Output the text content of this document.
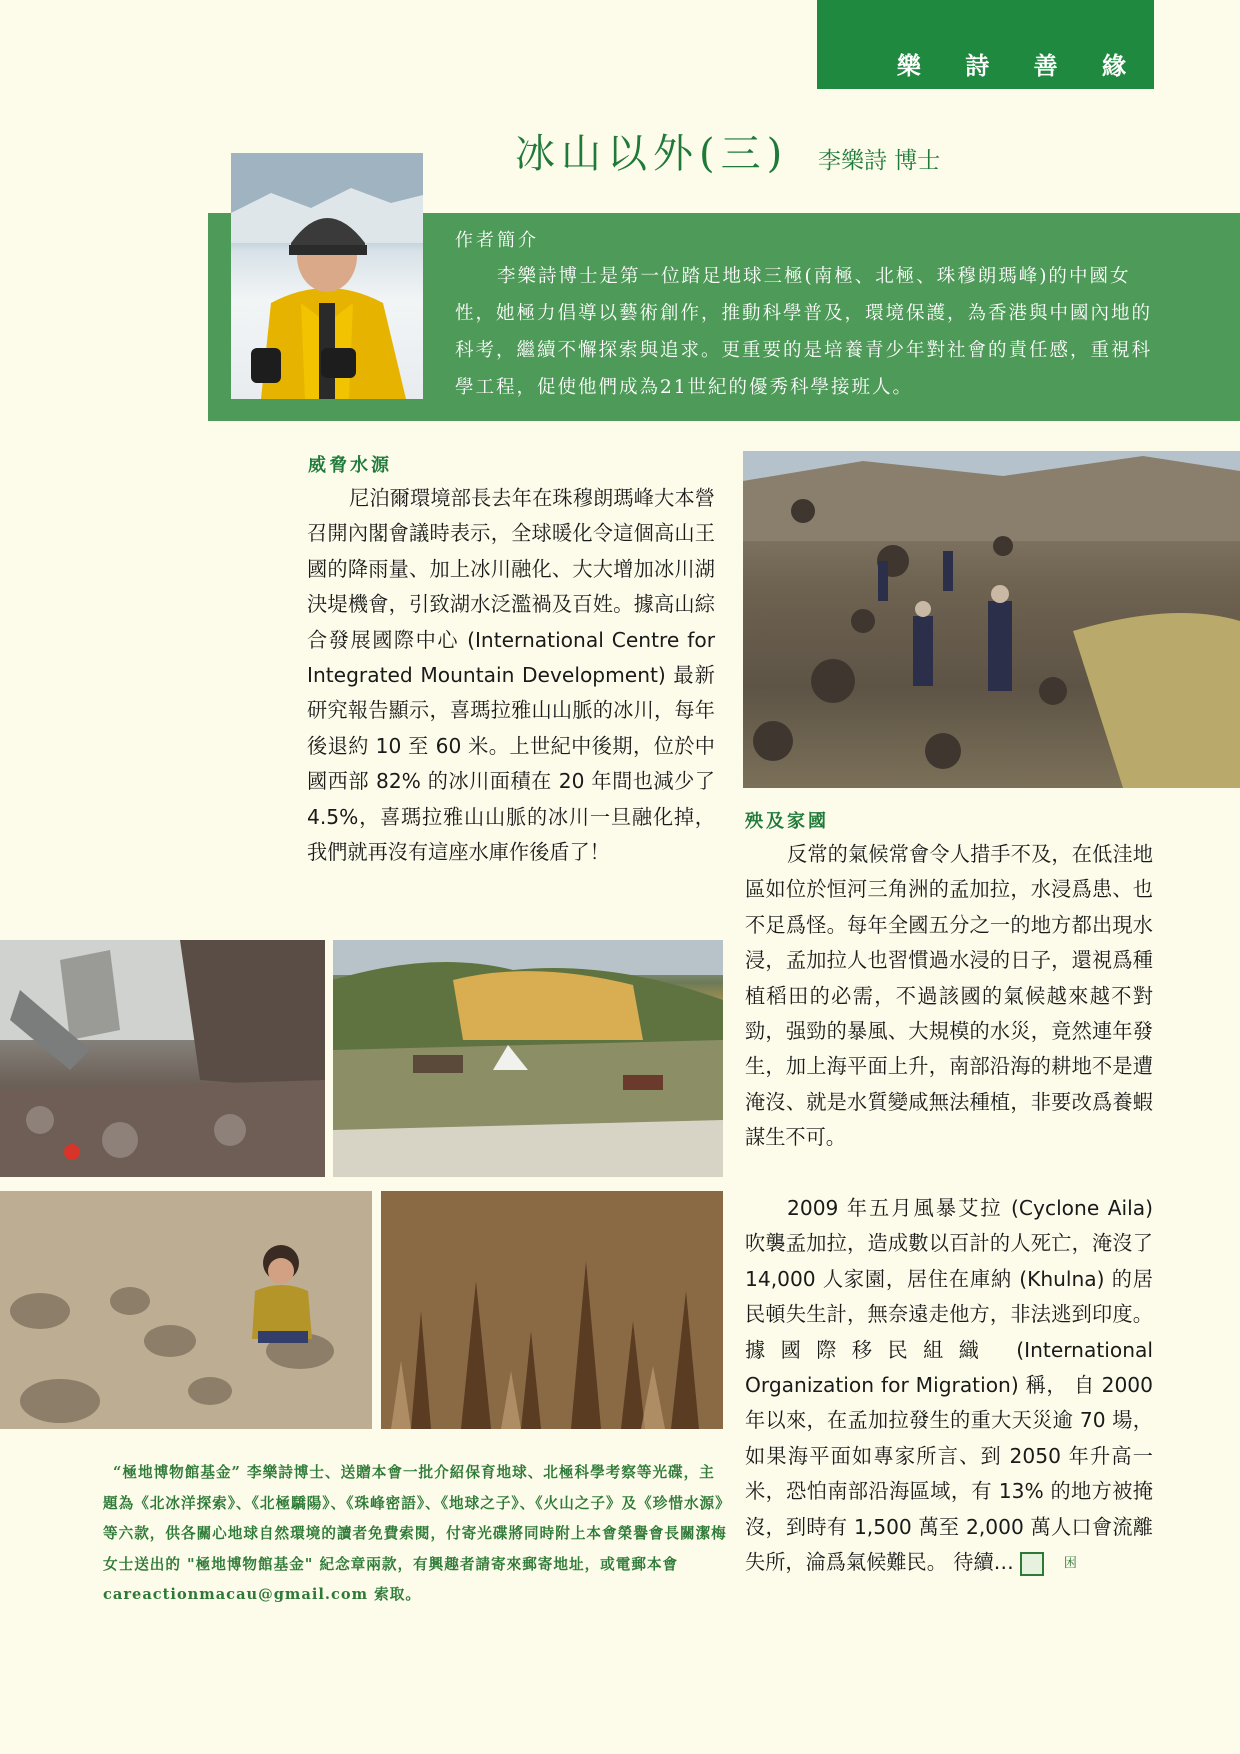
樂 詩 善 緣
冰山以外(三) 李樂詩 博士
作者簡介
李樂詩博士是第一位踏足地球三極(南極、北極、珠穆朗瑪峰)的中國女性，她極力倡導以藝術創作，推動科學普及，環境保護，為香港與中國內地的科考，繼續不懈探索與追求。更重要的是培養青少年對社會的責任感，重視科學工程，促使他們成為21世紀的優秀科學接班人。
威脅水源
尼泊爾環境部長去年在珠穆朗瑪峰大本營召開內閣會議時表示，全球暖化令這個高山王國的降雨量、加上冰川融化、大大增加冰川湖決堤機會，引致湖水泛濫禍及百姓。據高山綜合發展國際中心 (International Centre for Integrated Mountain Development) 最新研究報告顯示，喜瑪拉雅山山脈的冰川，每年後退約 10 至 60 米。上世紀中後期，位於中國西部 82% 的冰川面積在 20 年間也減少了 4.5%，喜瑪拉雅山山脈的冰川一旦融化掉，我們就再沒有這座水庫作後盾了！
殃及家國
反常的氣候常會令人措手不及，在低洼地區如位於恒河三角洲的孟加拉，水浸爲患、也不足爲怪。每年全國五分之一的地方都出現水浸，孟加拉人也習慣過水浸的日子，還視爲種植稻田的必需，不過該國的氣候越來越不對勁，强勁的暴風、大規模的水災，竟然連年發生，加上海平面上升，南部沿海的耕地不是遭淹沒、就是水質變咸無法種植，非要改爲養蝦謀生不可。
2009 年五月風暴艾拉 (Cyclone Aila) 吹襲孟加拉，造成數以百計的人死亡，淹沒了 14,000 人家園，居住在庫納 (Khulna) 的居民頓失生計，無奈遠走他方，非法逃到印度。據國際移民組織 (International Organization for Migration) 稱， 自 2000 年以來，在孟加拉發生的重大天災逾 70 場，如果海平面如專家所言、到 2050 年升高一米，恐怕南部沿海區域，有 13% 的地方被掩沒，到時有 1,500 萬至 2,000 萬人口會流離失所，淪爲氣候難民。 待續…	困
“極地博物館基金” 李樂詩博士、送贈本會一批介紹保育地球、北極科學考察等光碟，主題為《北冰洋探索》、《北極驕陽》、《珠峰密語》、《地球之子》、《火山之子》及《珍惜水源》等六款，供各關心地球自然環境的讀者免費索閱，付寄光碟將同時附上本會榮譽會長關潔梅女士送出的 "極地博物館基金" 紀念章兩款，有興趣者請寄來郵寄地址，或電郵本會 careactionmacau@gmail.com 索取。
